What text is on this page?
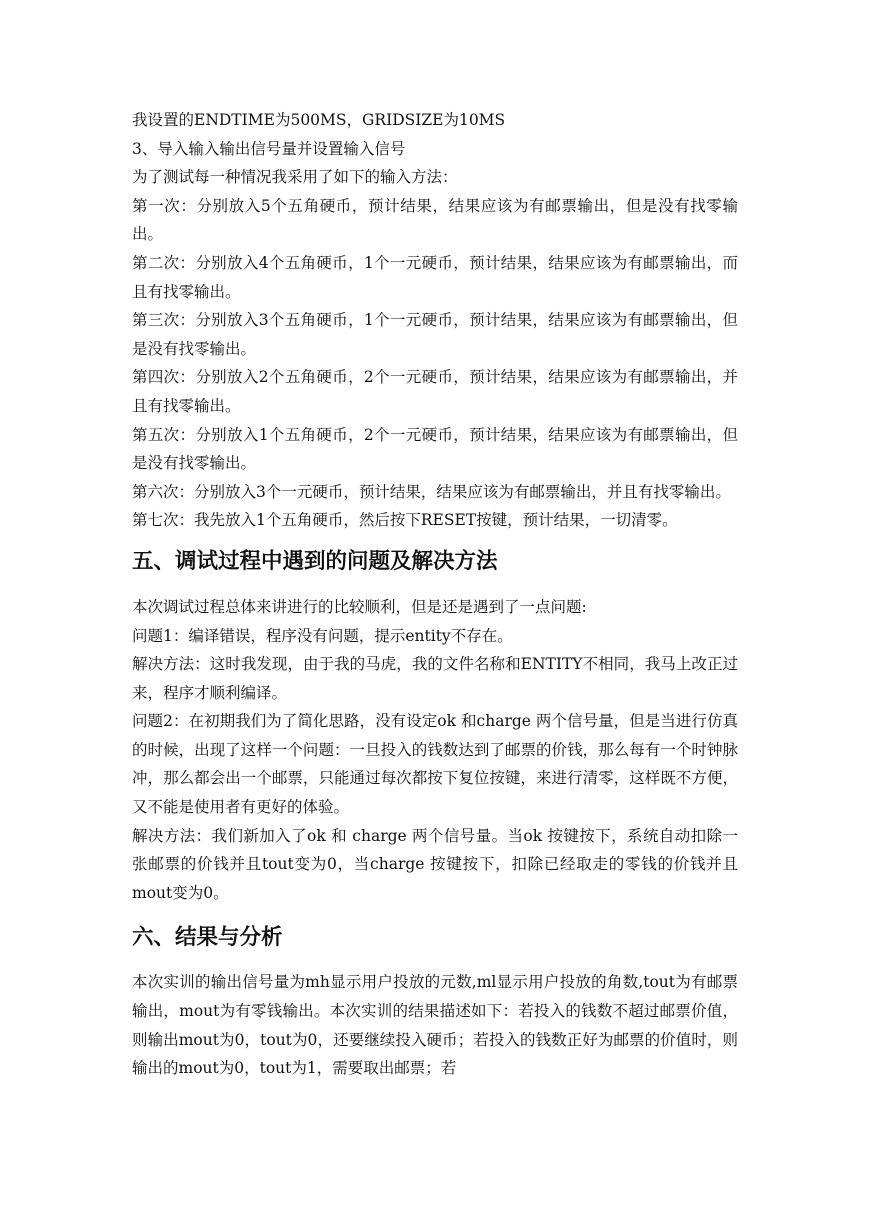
我设置的ENDTIME为500MS，GRIDSIZE为10MS

3、导入输入输出信号量并设置输入信号

为了测试每一种情况我采用了如下的输入方法：

第一次：分别放入5个五角硬币，预计结果，结果应该为有邮票输出，但是没有找零输出。

第二次：分别放入4个五角硬币，1个一元硬币，预计结果，结果应该为有邮票输出，而且有找零输出。

第三次：分别放入3个五角硬币，1个一元硬币，预计结果，结果应该为有邮票输出，但是没有找零输出。

第四次：分别放入2个五角硬币，2个一元硬币，预计结果，结果应该为有邮票输出，并且有找零输出。

第五次：分别放入1个五角硬币，2个一元硬币，预计结果，结果应该为有邮票输出，但是没有找零输出。

第六次：分别放入3个一元硬币，预计结果，结果应该为有邮票输出，并且有找零输出。

第七次：我先放入1个五角硬币，然后按下RESET按键，预计结果，一切清零。

五、调试过程中遇到的问题及解决方法

本次调试过程总体来讲进行的比较顺利，但是还是遇到了一点问题:

问题1：编译错误，程序没有问题，提示entity不存在。

解决方法：这时我发现，由于我的马虎，我的文件名称和ENTITY不相同，我马上改正过来，程序才顺利编译。

问题2：在初期我们为了简化思路，没有设定ok 和charge 两个信号量，但是当进行仿真的时候，出现了这样一个问题：一旦投入的钱数达到了邮票的价钱，那么每有一个时钟脉冲，那么都会出一个邮票，只能通过每次都按下复位按键，来进行清零，这样既不方便，又不能是使用者有更好的体验。

解决方法：我们新加入了ok 和 charge 两个信号量。当ok 按键按下，系统自动扣除一张邮票的价钱并且tout变为0，当charge 按键按下，扣除已经取走的零钱的价钱并且mout变为0。

六、结果与分析

本次实训的输出信号量为mh显示用户投放的元数,ml显示用户投放的角数,tout为有邮票输出，mout为有零钱输出。本次实训的结果描述如下：若投入的钱数不超过邮票价值，则输出mout为0，tout为0，还要继续投入硬币；若投入的钱数正好为邮票的价值时，则输出的mout为0，tout为1，需要取出邮票；若
